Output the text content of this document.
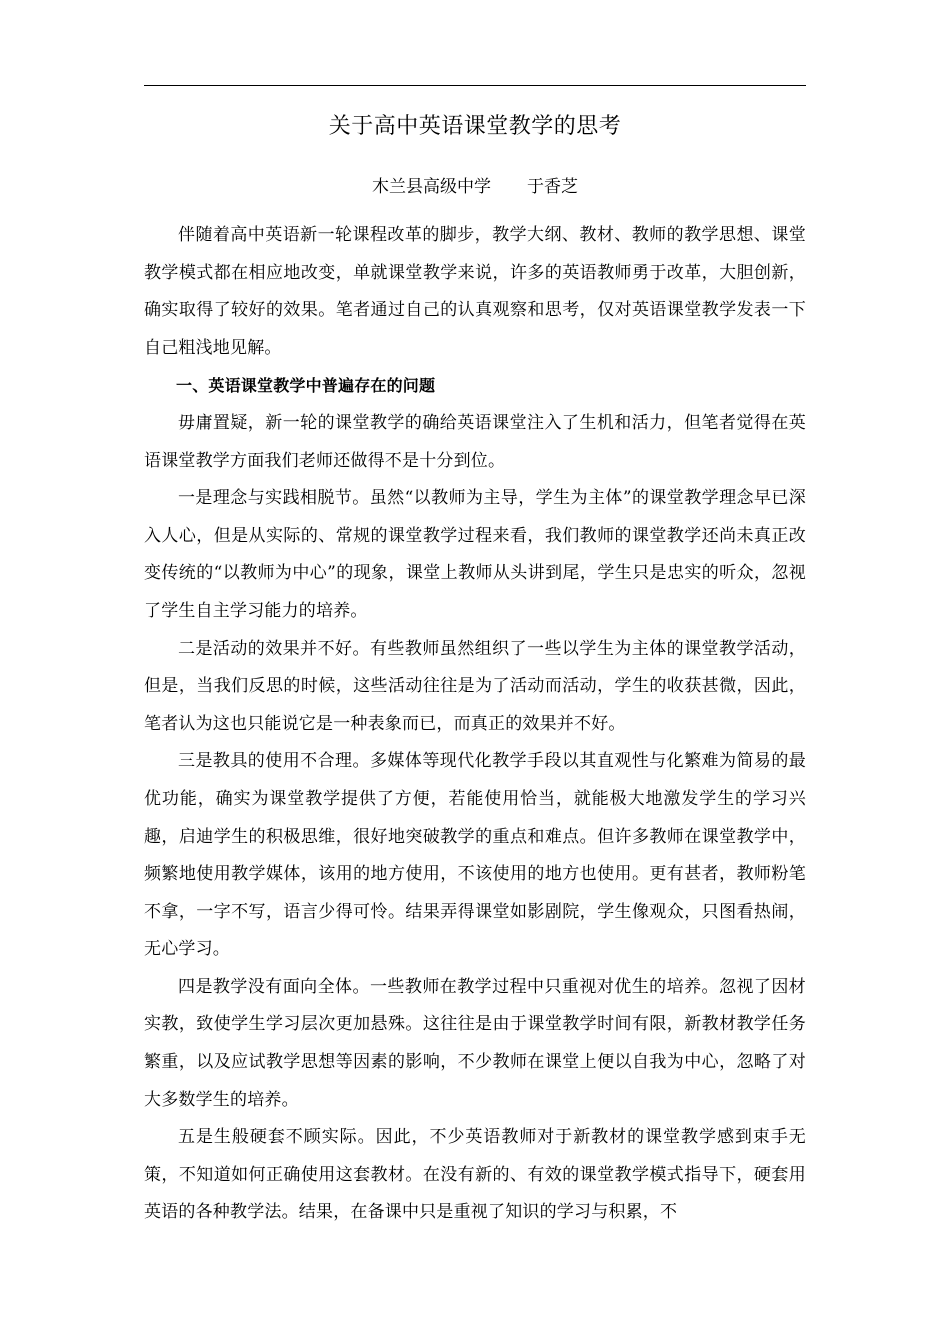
关于高中英语课堂教学的思考
木兰县高级中学 于香芝

伴随着高中英语新一轮课程改革的脚步，教学大纲、教材、教师的教学思想、课堂教学模式都在相应地改变，单就课堂教学来说，许多的英语教师勇于改革，大胆创新，确实取得了较好的效果。笔者通过自己的认真观察和思考，仅对英语课堂教学发表一下自己粗浅地见解。

一、英语课堂教学中普遍存在的问题

毋庸置疑，新一轮的课堂教学的确给英语课堂注入了生机和活力，但笔者觉得在英语课堂教学方面我们老师还做得不是十分到位。

一是理念与实践相脱节。虽然“以教师为主导，学生为主体”的课堂教学理念早已深入人心，但是从实际的、常规的课堂教学过程来看，我们教师的课堂教学还尚未真正改变传统的“以教师为中心”的现象，课堂上教师从头讲到尾，学生只是忠实的听众，忽视了学生自主学习能力的培养。

二是活动的效果并不好。有些教师虽然组织了一些以学生为主体的课堂教学活动，但是，当我们反思的时候，这些活动往往是为了活动而活动，学生的收获甚微，因此，笔者认为这也只能说它是一种表象而已，而真正的效果并不好。

三是教具的使用不合理。多媒体等现代化教学手段以其直观性与化繁难为简易的最优功能，确实为课堂教学提供了方便，若能使用恰当，就能极大地激发学生的学习兴趣，启迪学生的积极思维，很好地突破教学的重点和难点。但许多教师在课堂教学中，频繁地使用教学媒体，该用的地方使用，不该使用的地方也使用。更有甚者，教师粉笔不拿，一字不写，语言少得可怜。结果弄得课堂如影剧院，学生像观众，只图看热闹，无心学习。

四是教学没有面向全体。一些教师在教学过程中只重视对优生的培养。忽视了因材实教，致使学生学习层次更加悬殊。这往往是由于课堂教学时间有限，新教材教学任务繁重，以及应试教学思想等因素的影响，不少教师在课堂上便以自我为中心，忽略了对大多数学生的培养。

五是生般硬套不顾实际。因此，不少英语教师对于新教材的课堂教学感到束手无策，不知道如何正确使用这套教材。在没有新的、有效的课堂教学模式指导下，硬套用英语的各种教学法。结果，在备课中只是重视了知识的学习与积累，不
